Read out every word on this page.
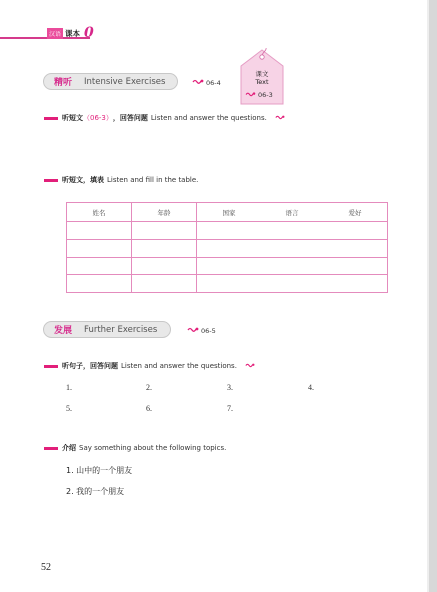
汉语 课本 0
精听 Intensive Exercises	06-4
课文
Text
06-3
听短文 （06-3） ，回答问题 Listen and answer the questions.
听短文，填表 Listen and fill in the table.
姓名	年龄	国家	语言	爱好

发展 Further Exercises	06-5
听句子，回答问题 Listen and answer the questions.
1.	2.	3.	4.
5.	6.	7.
介绍 Say something about the following topics.
1. 山中的一个朋友
2. 我的一个朋友
52
